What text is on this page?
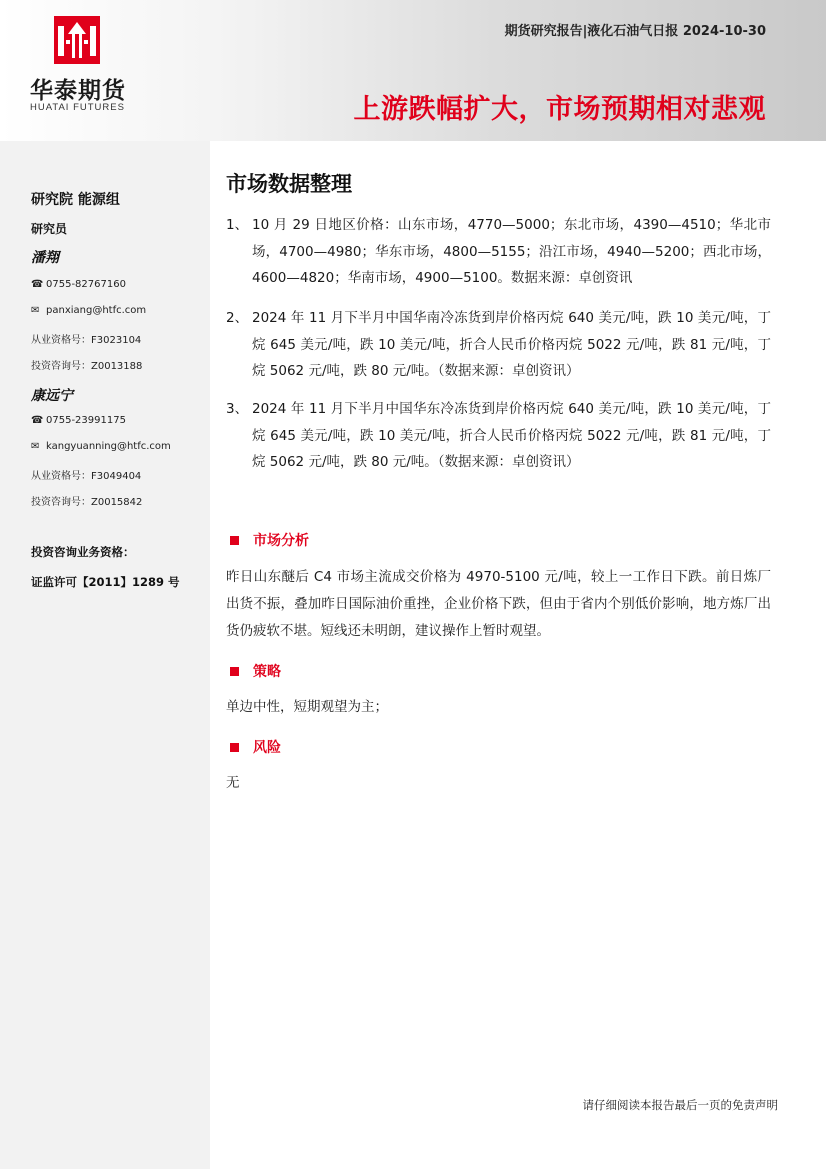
华泰期货
HUATAI FUTURES
期货研究报告|液化石油气日报 2024-10-30
上游跌幅扩大，市场预期相对悲观
研究院 能源组
研究员
潘翔
☎ 0755-82767160
✉ panxiang@htfc.com
从业资格号：F3023104
投资咨询号：Z0013188
康远宁
☎ 0755-23991175
✉ kangyuanning@htfc.com
从业资格号：F3049404
投资咨询号：Z0015842
投资咨询业务资格：
证监许可【2011】1289 号
市场数据整理
1、 10 月 29 日地区价格：山东市场，4770—5000；东北市场，4390—4510；华北市场，4700—4980；华东市场，4800—5155；沿江市场，4940—5200；西北市场，4600—4820；华南市场，4900—5100。数据来源：卓创资讯
2、 2024 年 11 月下半月中国华南冷冻货到岸价格丙烷 640 美元/吨，跌 10 美元/吨，丁烷 645 美元/吨，跌 10 美元/吨，折合人民币价格丙烷 5022 元/吨，跌 81 元/吨，丁烷 5062 元/吨，跌 80 元/吨。（数据来源：卓创资讯）
3、 2024 年 11 月下半月中国华东冷冻货到岸价格丙烷 640 美元/吨，跌 10 美元/吨，丁烷 645 美元/吨，跌 10 美元/吨，折合人民币价格丙烷 5022 元/吨，跌 81 元/吨，丁烷 5062 元/吨，跌 80 元/吨。（数据来源：卓创资讯）
市场分析
昨日山东醚后 C4 市场主流成交价格为 4970-5100 元/吨，较上一工作日下跌。前日炼厂出货不振，叠加昨日国际油价重挫，企业价格下跌，但由于省内个别低价影响，地方炼厂出货仍疲软不堪。短线还未明朗，建议操作上暂时观望。
策略
单边中性，短期观望为主；
风险
无
请仔细阅读本报告最后一页的免责声明
